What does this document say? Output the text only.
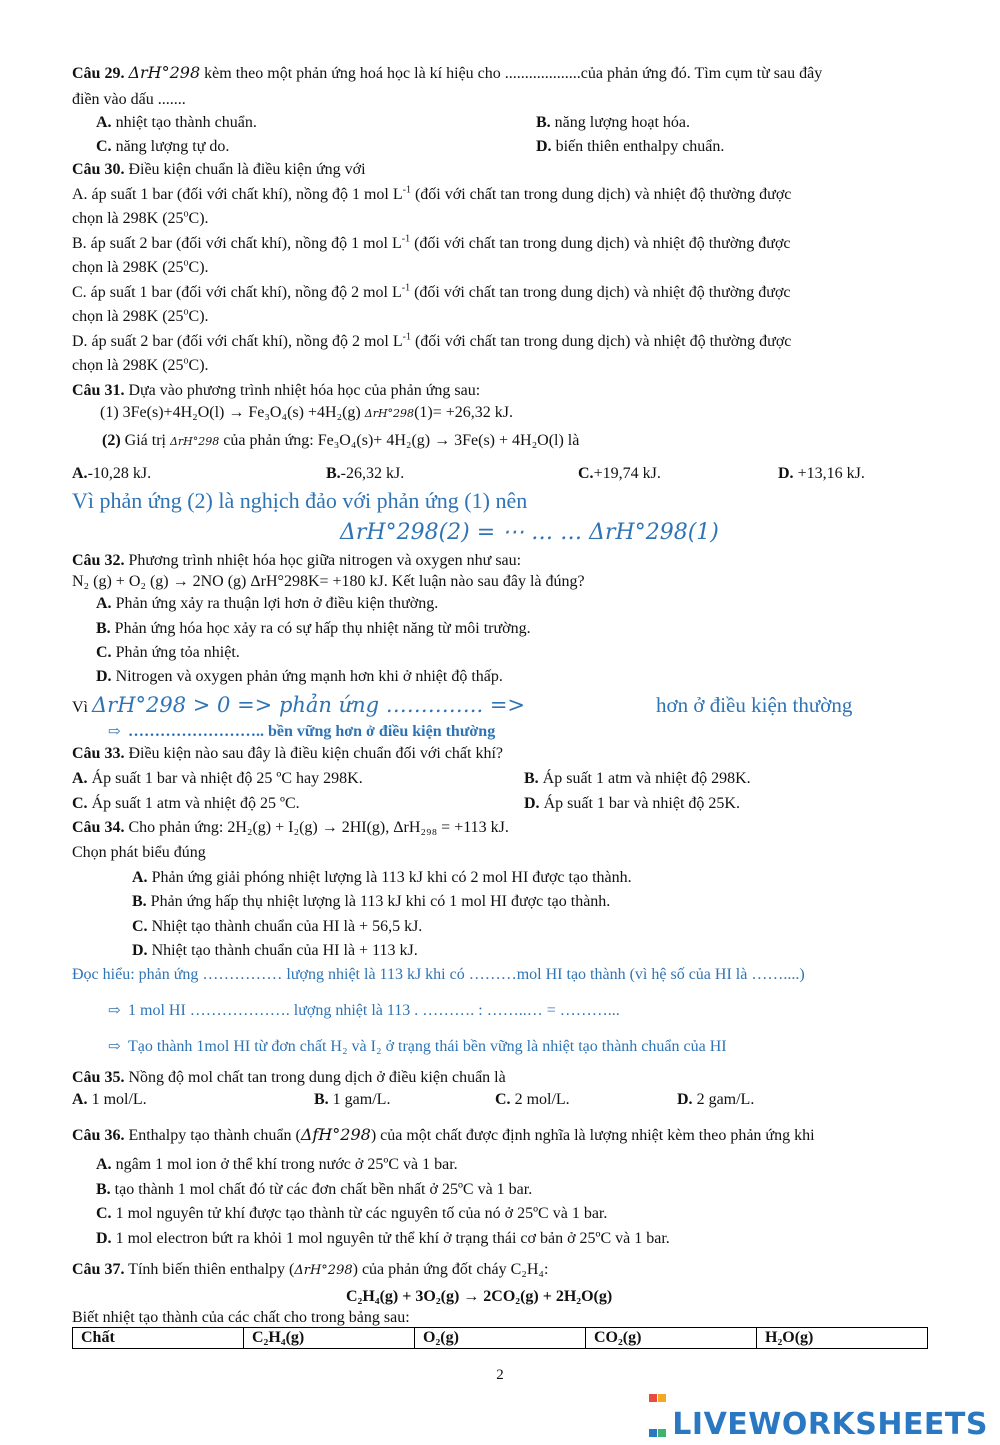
Câu 29. ΔrH°298 kèm theo một phản ứng hoá học là kí hiệu cho ...................của phản ứng đó. Tìm cụm từ sau đây
điền vào dấu .......
A. nhiệt tạo thành chuẩn.	B. năng lượng hoạt hóa.
C. năng lượng tự do.	D. biến thiên enthalpy chuẩn.
Câu 30. Điều kiện chuẩn là điều kiện ứng với
A. áp suất 1 bar (đối với chất khí), nồng độ 1 mol $L^{-1}$ (đối với chất tan trong dung dịch) và nhiệt độ thường được
chọn là 298K (25$^o$C).
B. áp suất 2 bar (đối với chất khí), nồng độ 1 mol $L^{-1}$ (đối với chất tan trong dung dịch) và nhiệt độ thường được
chọn là 298K (25$^o$C).
C. áp suất 1 bar (đối với chất khí), nồng độ 2 mol $L^{-1}$ (đối với chất tan trong dung dịch) và nhiệt độ thường được
chọn là 298K (25$^o$C).
D. áp suất 2 bar (đối với chất khí), nồng độ 2 mol $L^{-1}$ (đối với chất tan trong dung dịch) và nhiệt độ thường được
chọn là 298K (25$^o$C).
Câu 31. Dựa vào phương trình nhiệt hóa học của phản ứng sau:
(1) 3Fe(s)+4H₂O(l) → Fe₃O₄(s) +4H₂(g) ΔrH°298(1)= +26,32 kJ.
(2) Giá trị ΔrH°298 của phản ứng: Fe₃O₄(s)+ 4H₂(g) → 3Fe(s) + 4H₂O(l) là
A.-10,28 kJ.	B.-26,32 kJ.	C.+19,74 kJ.	D. +13,16 kJ.
Vì phản ứng (2) là nghịch đảo với phản ứng (1) nên
ΔrH°298(2) = ⋯ … … ΔrH°298(1)
Câu 32. Phương trình nhiệt hóa học giữa nitrogen và oxygen như sau:
N₂ (g) + O₂ (g) → 2NO (g) ΔrH°298K= +180 kJ. Kết luận nào sau đây là đúng?
A. Phản ứng xảy ra thuận lợi hơn ở điều kiện thường.
B. Phản ứng hóa học xảy ra có sự hấp thụ nhiệt năng từ môi trường.
C. Phản ứng tỏa nhiệt.
D. Nitrogen và oxygen phản ứng mạnh hơn khi ở nhiệt độ thấp.
Vì ΔrH°298 > 0 => phản ứng ………….. =>	hơn ở điều kiện thường
⇨ …………………….. bền vững hơn ở điều kiện thường
Câu 33. Điều kiện nào sau đây là điều kiện chuẩn đối với chất khí?
A. Áp suất 1 bar và nhiệt độ 25 ºC hay 298K.	B. Áp suất 1 atm và nhiệt độ 298K.
C. Áp suất 1 atm và nhiệt độ 25 ºC.	D. Áp suất 1 bar và nhiệt độ 25K.
Câu 34. Cho phản ứng: 2H₂(g) + I₂(g) → 2HI(g), ΔrH₂₉₈ = +113 kJ.
Chọn phát biểu đúng
A. Phản ứng giải phóng nhiệt lượng là 113 kJ khi có 2 mol HI được tạo thành.
B. Phản ứng hấp thụ nhiệt lượng là 113 kJ khi có 1 mol HI được tạo thành.
C. Nhiệt tạo thành chuẩn của HI là + 56,5 kJ.
D. Nhiệt tạo thành chuẩn của HI là + 113 kJ.
Đọc hiểu: phản ứng …………… lượng nhiệt là 113 kJ khi có ………mol HI tạo thành (vì hệ số của HI là ……....)
⇨ 1 mol HI ………………. lượng nhiệt là 113 . ………. : ……..… = ………...
⇨ Tạo thành 1mol HI từ đơn chất H₂ và I₂ ở trạng thái bền vững là nhiệt tạo thành chuẩn của HI
Câu 35. Nồng độ mol chất tan trong dung dịch ở điều kiện chuẩn là
A. 1 mol/L.	B. 1 gam/L.	C. 2 mol/L.	D. 2 gam/L.
Câu 36. Enthalpy tạo thành chuẩn (ΔfH°298) của một chất được định nghĩa là lượng nhiệt kèm theo phản ứng khi
A. ngâm 1 mol ion ở thể khí trong nước ở 25ºC và 1 bar.
B. tạo thành 1 mol chất đó từ các đơn chất bền nhất ở 25ºC và 1 bar.
C. 1 mol nguyên tử khí được tạo thành từ các nguyên tố của nó ở 25ºC và 1 bar.
D. 1 mol electron bứt ra khỏi 1 mol nguyên tử thể khí ở trạng thái cơ bản ở 25ºC và 1 bar.
Câu 37. Tính biến thiên enthalpy (ΔrH°298) của phản ứng đốt cháy C₂H₄:
C₂H₄(g) + 3O₂(g) → 2CO₂(g) + 2H₂O(g)
Biết nhiệt tạo thành của các chất cho trong bảng sau:
Chất	C₂H₄(g)	O₂(g)	CO₂(g)	H₂O(g)
2

LIVEWORKSHEETS
